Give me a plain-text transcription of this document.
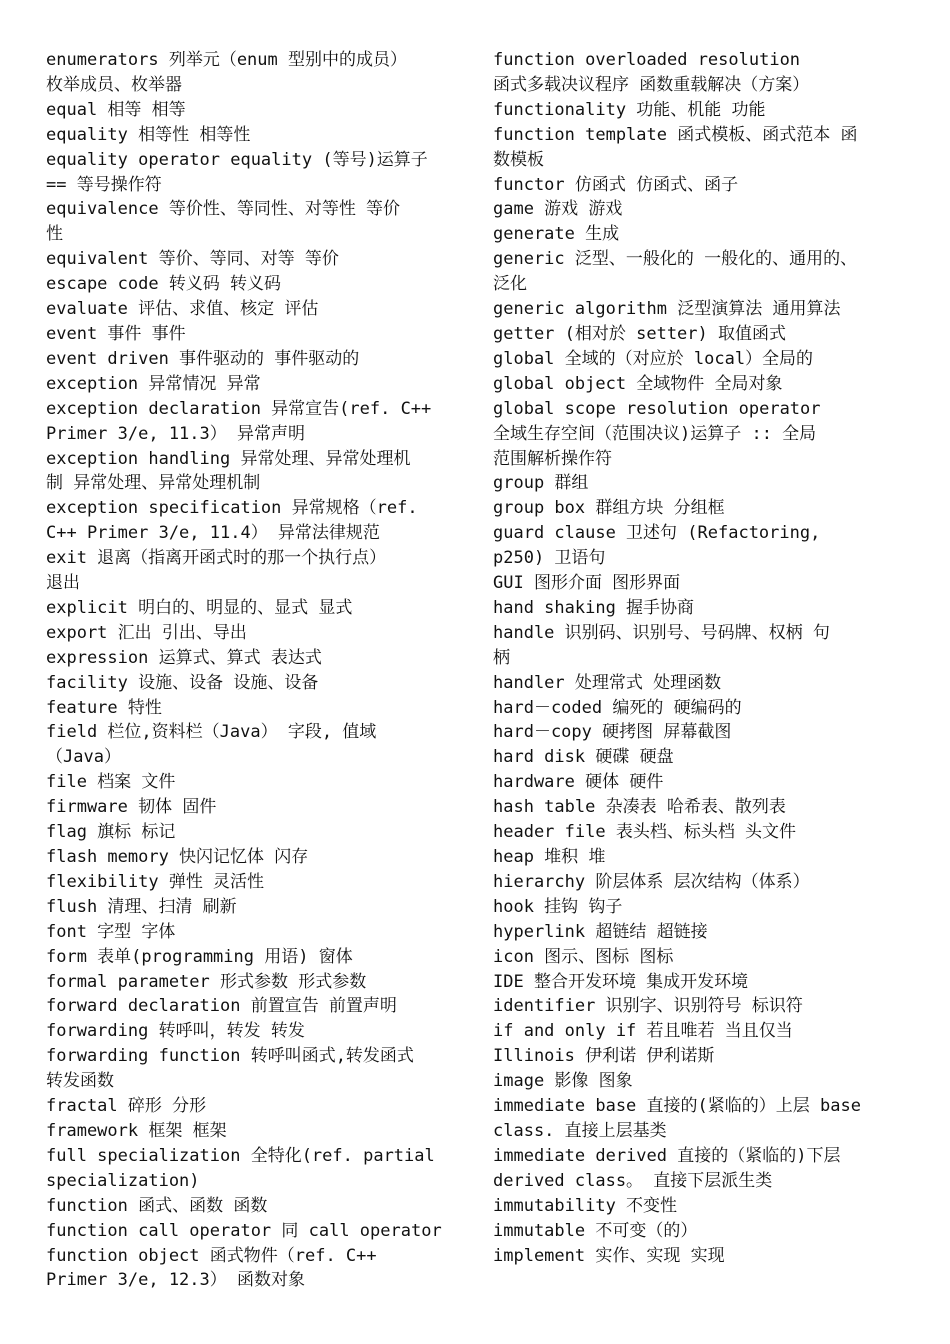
enumerators 列举元（enum 型别中的成员）
枚举成员、枚举器
equal 相等 相等
equality 相等性 相等性
equality operator equality (等号)运算子
== 等号操作符
equivalence 等价性、等同性、对等性 等价
性
equivalent 等价、等同、对等 等价
escape code 转义码 转义码
evaluate 评估、求值、核定 评估
event 事件 事件
event driven 事件驱动的 事件驱动的
exception 异常情况 异常
exception declaration 异常宣告(ref. C++
Primer 3/e, 11.3） 异常声明
exception handling 异常处理、异常处理机
制 异常处理、异常处理机制
exception specification 异常规格（ref.
C++ Primer 3/e, 11.4） 异常法律规范
exit 退离（指离开函式时的那一个执行点）
退出
explicit 明白的、明显的、显式 显式
export 汇出 引出、导出
expression 运算式、算式 表达式
facility 设施、设备 设施、设备
feature 特性
field 栏位,资料栏（Java） 字段, 值域
（Java）
file 档案 文件
firmware 韧体 固件
flag 旗标 标记
flash memory 快闪记忆体 闪存
flexibility 弹性 灵活性
flush 清理、扫清 刷新
font 字型 字体
form 表单(programming 用语) 窗体
formal parameter 形式参数 形式参数
forward declaration 前置宣告 前置声明
forwarding 转呼叫，转发 转发
forwarding function 转呼叫函式,转发函式
转发函数
fractal 碎形 分形
framework 框架 框架
full specialization 全特化(ref. partial
specialization)
function 函式、函数 函数
function call operator 同 call operator
function object 函式物件（ref. C++
Primer 3/e, 12.3） 函数对象
function overloaded resolution
函式多载决议程序 函数重载解决（方案）
functionality 功能、机能 功能
function template 函式模板、函式范本 函
数模板
functor 仿函式 仿函式、函子
game 游戏 游戏
generate 生成
generic 泛型、一般化的 一般化的、通用的、
泛化
generic algorithm 泛型演算法 通用算法
getter (相对於 setter) 取值函式
global 全域的（对应於 local）全局的
global object 全域物件 全局对象
global scope resolution operator
全域生存空间（范围决议)运算子 :: 全局
范围解析操作符
group 群组
group box 群组方块 分组框
guard clause 卫述句 (Refactoring,
p250) 卫语句
GUI 图形介面 图形界面
hand shaking 握手协商
handle 识别码、识别号、号码牌、权柄 句
柄
handler 处理常式 处理函数
hard－coded 编死的 硬编码的
hard－copy 硬拷图 屏幕截图
hard disk 硬碟 硬盘
hardware 硬体 硬件
hash table 杂凑表 哈希表、散列表
header file 表头档、标头档 头文件
heap 堆积 堆
hierarchy 阶层体系 层次结构（体系）
hook 挂钩 钩子
hyperlink 超链结 超链接
icon 图示、图标 图标
IDE 整合开发环境 集成开发环境
identifier 识别字、识别符号 标识符
if and only if 若且唯若 当且仅当
Illinois 伊利诺 伊利诺斯
image 影像 图象
immediate base 直接的(紧临的）上层 base
class. 直接上层基类
immediate derived 直接的（紧临的)下层
derived class。 直接下层派生类
immutability 不变性
immutable 不可变（的）
implement 实作、实现 实现
